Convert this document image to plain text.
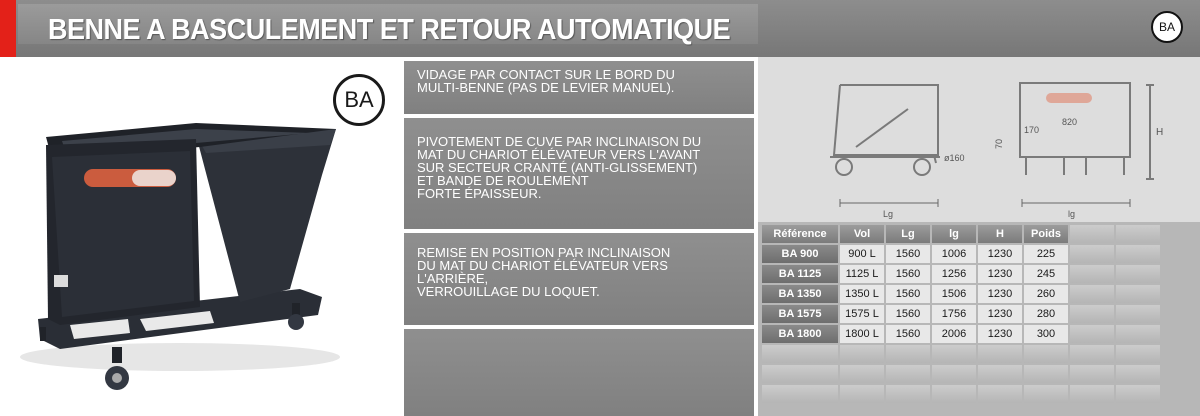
BENNE A BASCULEMENT ET RETOUR AUTOMATIQUE	BA
BA

VIDAGE PAR CONTACT SUR LE BORD DU

MULTI-BENNE (PAS DE LEVIER MANUEL).

PIVOTEMENT DE CUVE PAR INCLINAISON DU

MAT DU CHARIOT ÉLÉVATEUR VERS L'AVANT

SUR SECTEUR CRANTÉ (ANTI-GLISSEMENT)

ET BANDE DE ROULEMENT

FORTE ÉPAISSEUR.

REMISE EN POSITION PAR INCLINAISON

DU MAT DU CHARIOT ÉLÉVATEUR VERS

L'ARRIÈRE,

VERROUILLAGE DU LOQUET.

ø160
H
70
170
820
Lg	lg
Référence	Vol	Lg	lg	H	Poids		
BA 900	900 L	1560	1006	1230	225		
BA 1125	1125 L	1560	1256	1230	245		
BA 1350	1350 L	1560	1506	1230	260		
BA 1575	1575 L	1560	1756	1230	280		
BA 1800	1800 L	1560	2006	1230	300		
